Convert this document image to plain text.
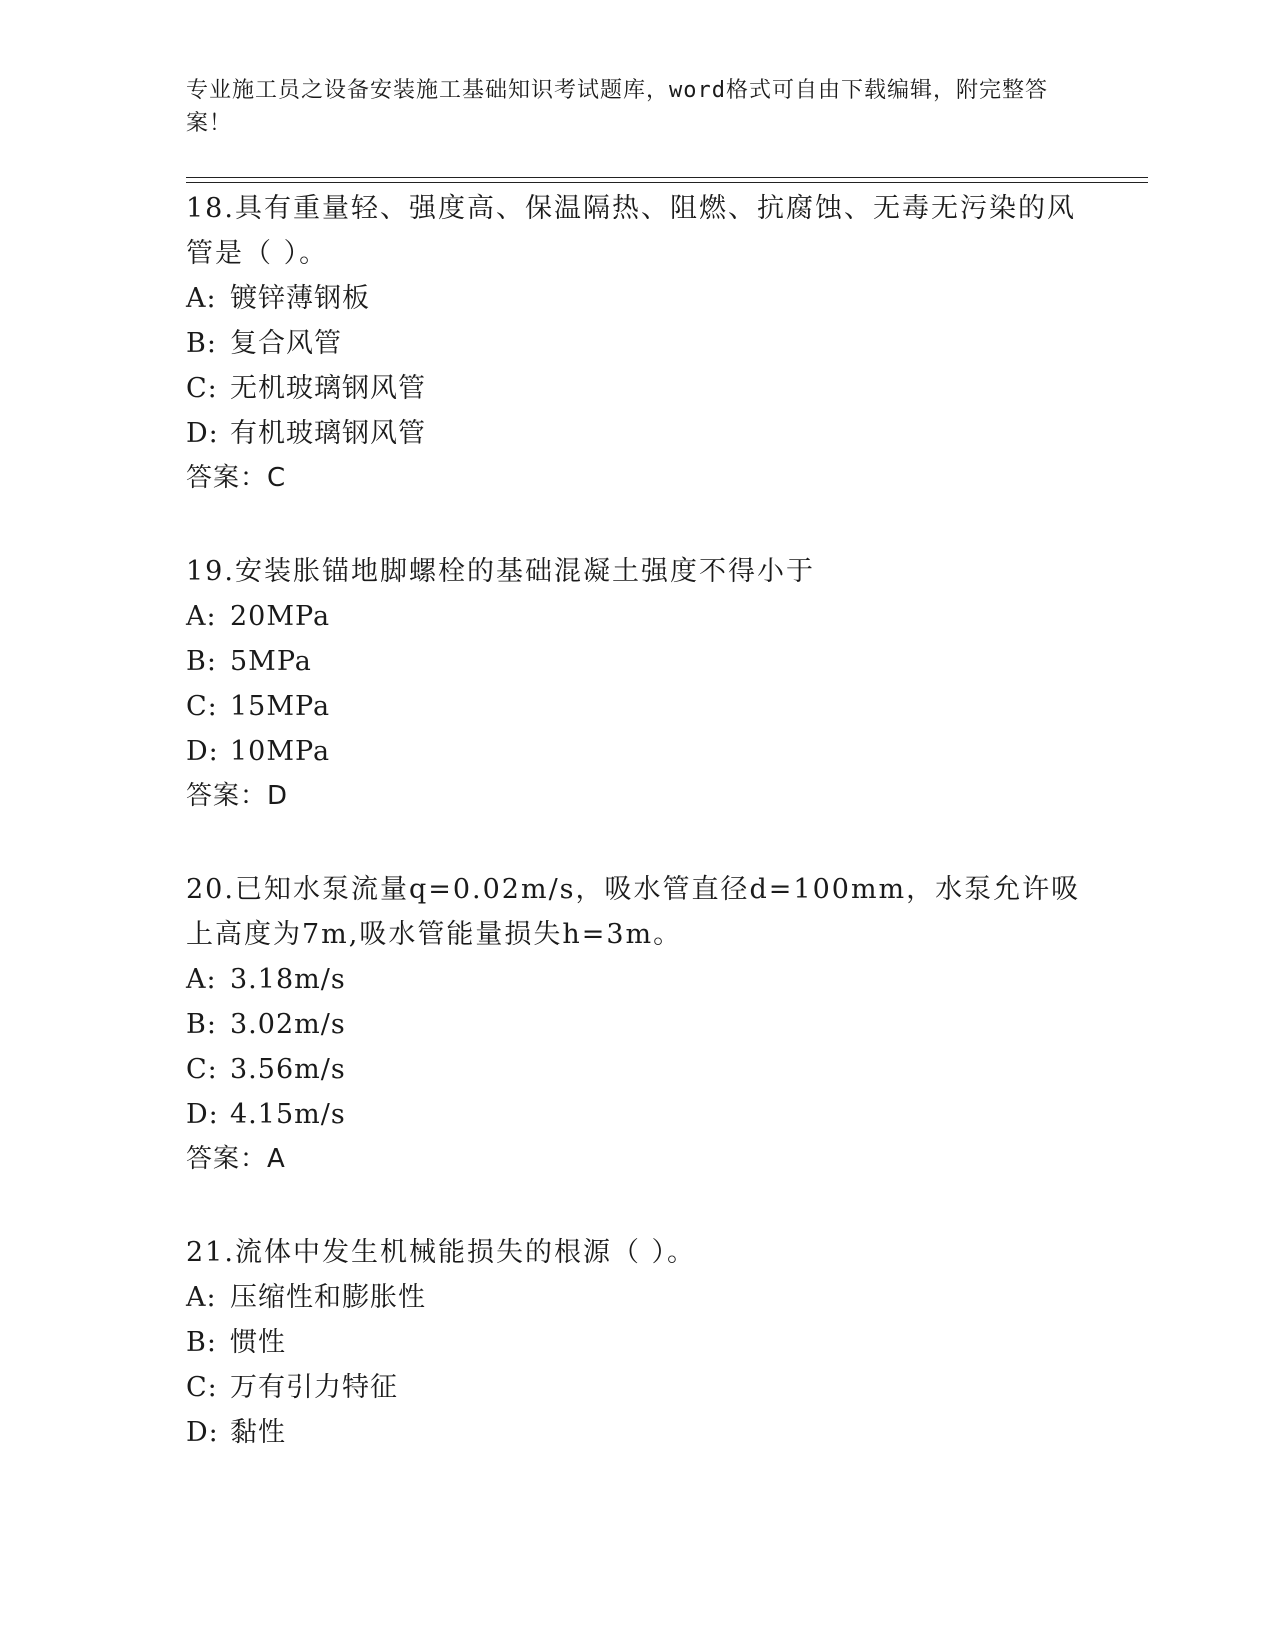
专业施工员之设备安装施工基础知识考试题库，word格式可自由下载编辑，附完整答案！

18.具有重量轻、强度高、保温隔热、阻燃、抗腐蚀、无毒无污染的风管是（ ）。

A: 镀锌薄钢板
B: 复合风管
C: 无机玻璃钢风管
D: 有机玻璃钢风管

答案：C

19.安装胀锚地脚螺栓的基础混凝土强度不得小于

A: 20MPa
B: 5MPa
C: 15MPa
D: 10MPa

答案：D

20.已知水泵流量q=0.02m/s，吸水管直径d=100mm，水泵允许吸上高度为7m,吸水管能量损失h=3m。

A: 3.18m/s
B: 3.02m/s
C: 3.56m/s
D: 4.15m/s

答案：A

21.流体中发生机械能损失的根源（ ）。

A: 压缩性和膨胀性
B: 惯性
C: 万有引力特征
D: 黏性
